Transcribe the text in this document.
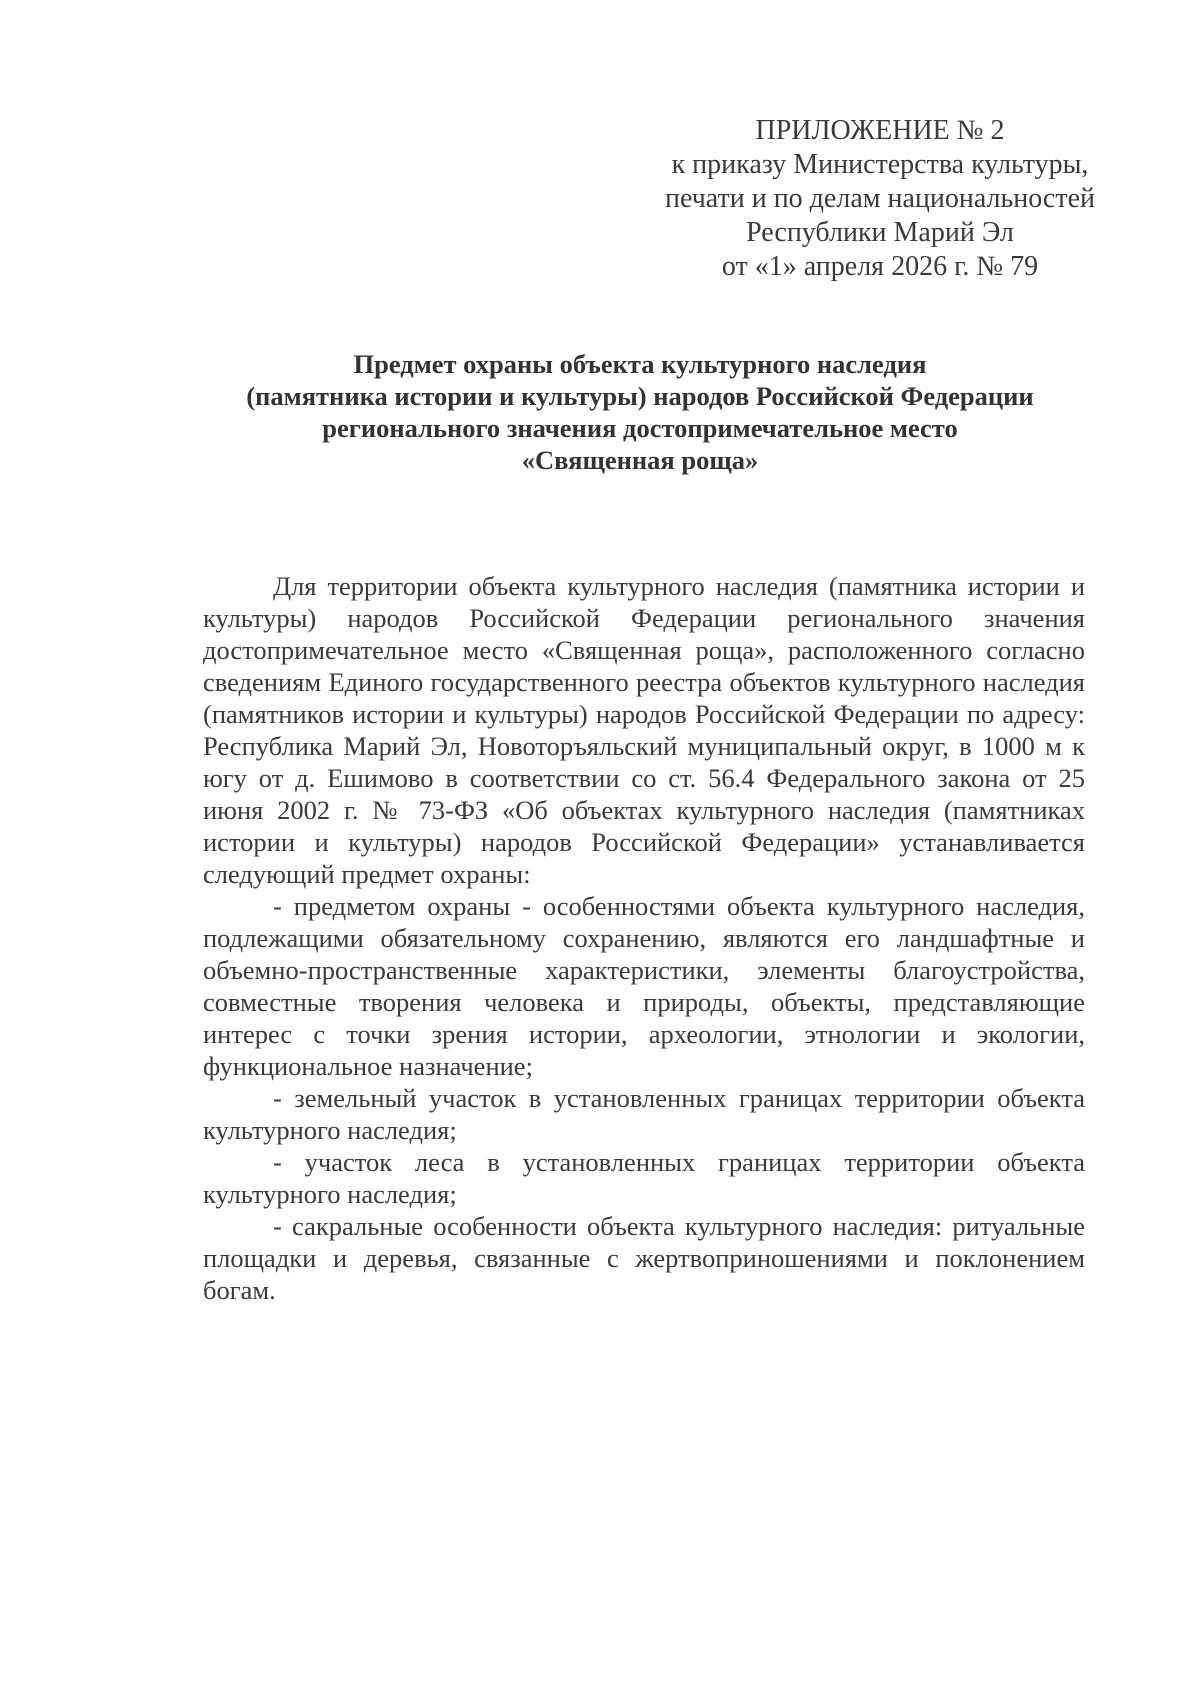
ПРИЛОЖЕНИЕ № 2
к приказу Министерства культуры,
печати и по делам национальностей
Республики Марий Эл
от «1» апреля 2026 г. № 79
Предмет охраны объекта культурного наследия
(памятника истории и культуры) народов Российской Федерации
регионального значения достопримечательное место
«Священная роща»

Для территории объекта культурного наследия (памятника истории и культуры) народов Российской Федерации регионального значения достопримечательное место «Священная роща», расположенного согласно сведениям Единого государственного реестра объектов культурного наследия (памятников истории и культуры) народов Российской Федерации по адресу: Республика Марий Эл, Новоторъяльский муниципальный округ, в 1000 м к югу от д. Ешимово в соответствии со ст. 56.4 Федерального закона от 25 июня 2002 г. № 73-ФЗ «Об объектах культурного наследия (памятниках истории и культуры) народов Российской Федерации» устанавливается следующий предмет охраны:

- предметом охраны - особенностями объекта культурного наследия, подлежащими обязательному сохранению, являются его ландшафтные и объемно-пространственные характеристики, элементы благоустройства, совместные творения человека и природы, объекты, представляющие интерес с точки зрения истории, археологии, этнологии и экологии, функциональное назначение;

- земельный участок в установленных границах территории объекта культурного наследия;

- участок леса в установленных границах территории объекта культурного наследия;

- сакральные особенности объекта культурного наследия: ритуальные площадки и деревья, связанные с жертвоприношениями и поклонением богам.
